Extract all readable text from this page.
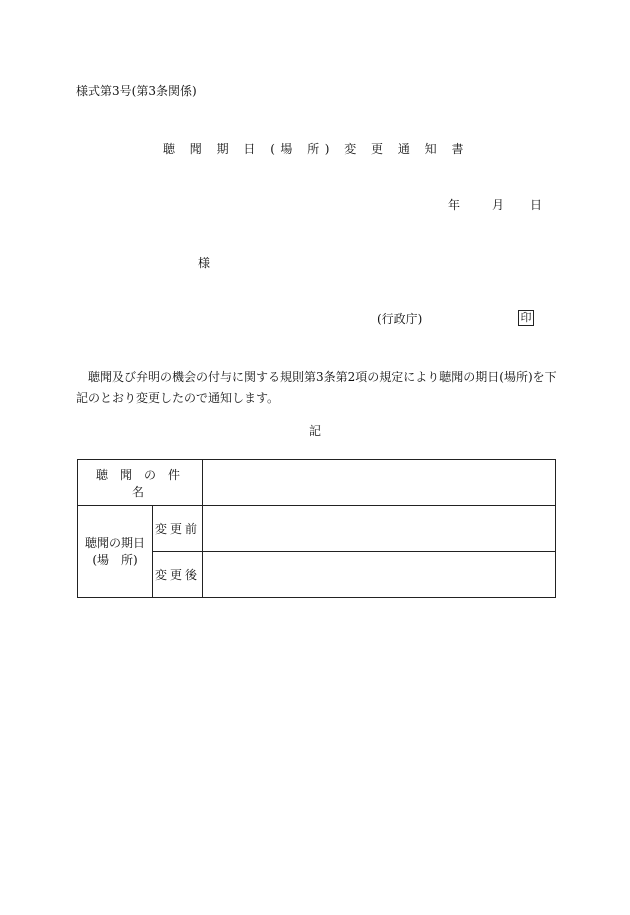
様式第3号(第3条関係)
聴 聞 期 日 (場 所) 変 更 通 知 書
年	月 日
様
(行政庁)	印
聴聞及び弁明の機会の付与に関する規則第3条第2項の規定により聴聞の期日(場所)を下記のとおり変更したので通知します。
記
聴聞の件名		

聴聞の期日
(場　所)	変更前	
	変更後	
